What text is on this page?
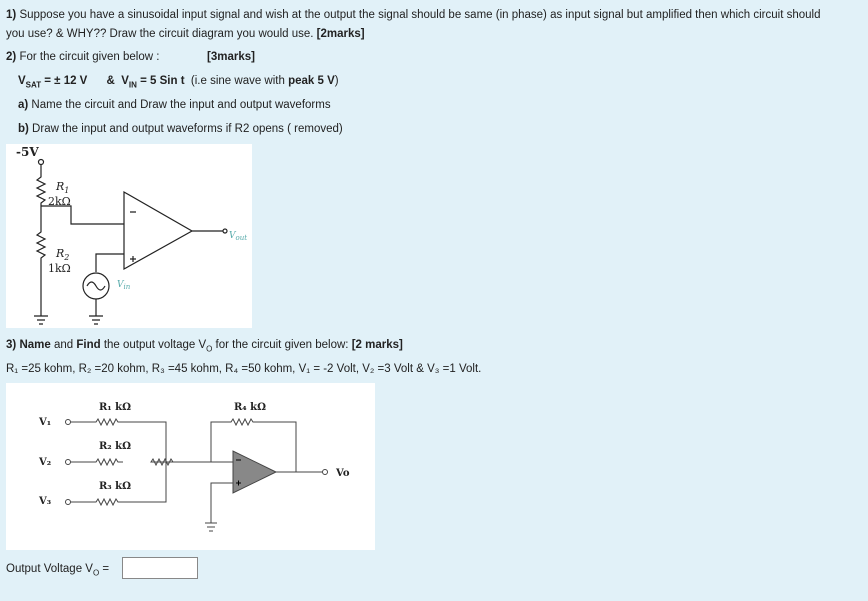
1) Suppose you have a sinusoidal input signal and wish at the output the signal should be same (in phase) as input signal but amplified then which circuit should
you use? & WHY?? Draw the circuit diagram you would use. [2marks]
2) For the circuit given below :	[3marks]
$V_{SAT}$ = ± 12 V & $V_{IN} = 5$ Sin t (i.e sine wave with peak 5 V)
a) Name the circuit and Draw the input and output waveforms
b) Draw the input and output waveforms if R2 opens ( removed)
-5V
$R_1$
2kΩ
$R_2$
1kΩ
$V_{out}$
$V_{in}$
3) Name and Find the output voltage $V_O$ for the circuit given below: [2 marks]
R₁ =25 kohm, R₂ =20 kohm, R₃ =45 kohm, R₄ =50 kohm, V₁ = -2 Volt, V₂ =3 Volt & V₃ =1 Volt.
R₁ kΩ
R₂ kΩ
R₃ kΩ
R₄ kΩ
V₁
V₂
V₃
Vo
Output Voltage $V_O$ =
